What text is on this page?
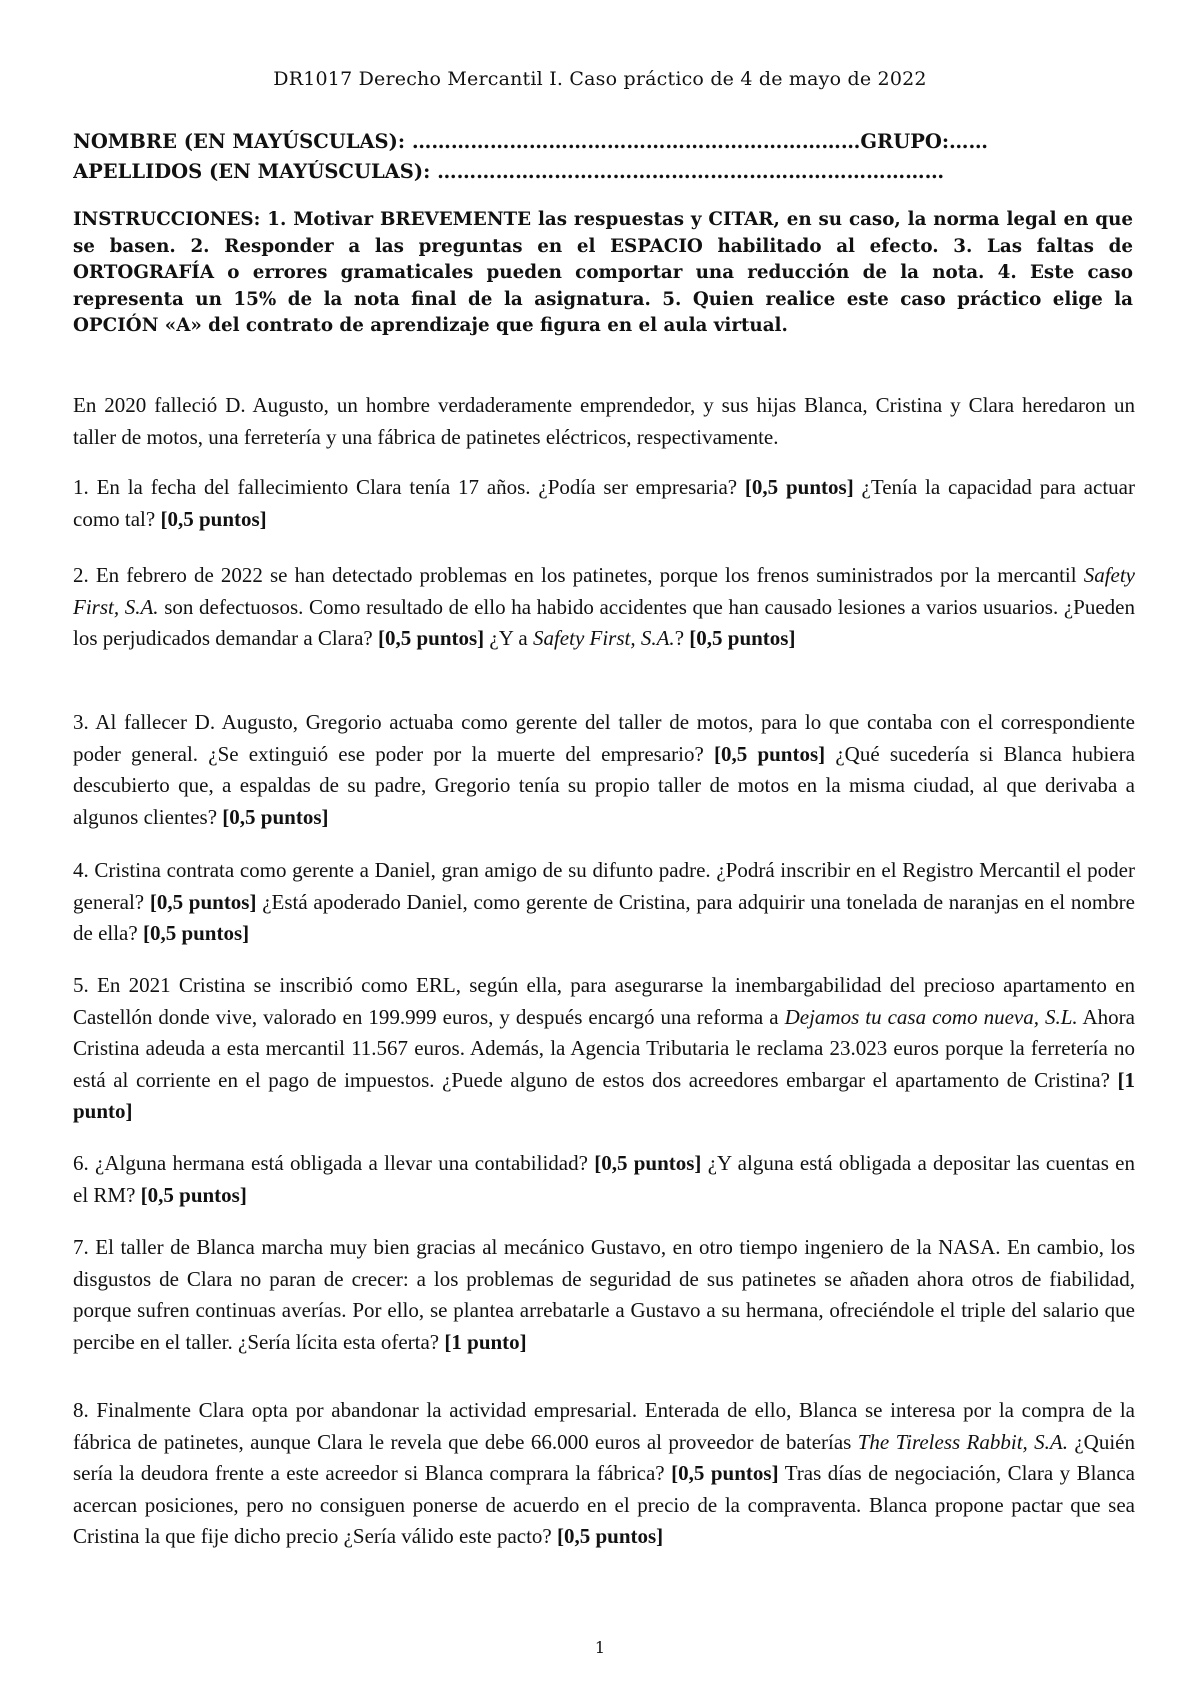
DR1017 Derecho Mercantil I. Caso práctico de 4 de mayo de 2022
NOMBRE (EN MAYÚSCULAS): ……………………………………………………………GRUPO:……
APELLIDOS (EN MAYÚSCULAS): ……………………………………………………………………
INSTRUCCIONES: 1. Motivar BREVEMENTE las respuestas y CITAR, en su caso, la norma legal en que se basen. 2. Responder a las preguntas en el ESPACIO habilitado al efecto. 3. Las faltas de ORTOGRAFÍA o errores gramaticales pueden comportar una reducción de la nota. 4. Este caso representa un 15% de la nota final de la asignatura. 5. Quien realice este caso práctico elige la OPCIÓN «A» del contrato de aprendizaje que figura en el aula virtual.

En 2020 falleció D. Augusto, un hombre verdaderamente emprendedor, y sus hijas Blanca, Cristina y Clara heredaron un taller de motos, una ferretería y una fábrica de patinetes eléctricos, respectivamente.

1. En la fecha del fallecimiento Clara tenía 17 años. ¿Podía ser empresaria? [0,5 puntos] ¿Tenía la capacidad para actuar como tal? [0,5 puntos]

2. En febrero de 2022 se han detectado problemas en los patinetes, porque los frenos suministrados por la mercantil Safety First, S.A. son defectuosos. Como resultado de ello ha habido accidentes que han causado lesiones a varios usuarios. ¿Pueden los perjudicados demandar a Clara? [0,5 puntos] ¿Y a Safety First, S.A.? [0,5 puntos]

3. Al fallecer D. Augusto, Gregorio actuaba como gerente del taller de motos, para lo que contaba con el correspondiente poder general. ¿Se extinguió ese poder por la muerte del empresario? [0,5 puntos] ¿Qué sucedería si Blanca hubiera descubierto que, a espaldas de su padre, Gregorio tenía su propio taller de motos en la misma ciudad, al que derivaba a algunos clientes? [0,5 puntos]

4. Cristina contrata como gerente a Daniel, gran amigo de su difunto padre. ¿Podrá inscribir en el Registro Mercantil el poder general? [0,5 puntos] ¿Está apoderado Daniel, como gerente de Cristina, para adquirir una tonelada de naranjas en el nombre de ella? [0,5 puntos]

5. En 2021 Cristina se inscribió como ERL, según ella, para asegurarse la inembargabilidad del precioso apartamento en Castellón donde vive, valorado en 199.999 euros, y después encargó una reforma a Dejamos tu casa como nueva, S.L. Ahora Cristina adeuda a esta mercantil 11.567 euros. Además, la Agencia Tributaria le reclama 23.023 euros porque la ferretería no está al corriente en el pago de impuestos. ¿Puede alguno de estos dos acreedores embargar el apartamento de Cristina? [1 punto]

6. ¿Alguna hermana está obligada a llevar una contabilidad? [0,5 puntos] ¿Y alguna está obligada a depositar las cuentas en el RM? [0,5 puntos]

7. El taller de Blanca marcha muy bien gracias al mecánico Gustavo, en otro tiempo ingeniero de la NASA. En cambio, los disgustos de Clara no paran de crecer: a los problemas de seguridad de sus patinetes se añaden ahora otros de fiabilidad, porque sufren continuas averías. Por ello, se plantea arrebatarle a Gustavo a su hermana, ofreciéndole el triple del salario que percibe en el taller. ¿Sería lícita esta oferta? [1 punto]

8. Finalmente Clara opta por abandonar la actividad empresarial. Enterada de ello, Blanca se interesa por la compra de la fábrica de patinetes, aunque Clara le revela que debe 66.000 euros al proveedor de baterías The Tireless Rabbit, S.A. ¿Quién sería la deudora frente a este acreedor si Blanca comprara la fábrica? [0,5 puntos] Tras días de negociación, Clara y Blanca acercan posiciones, pero no consiguen ponerse de acuerdo en el precio de la compraventa. Blanca propone pactar que sea Cristina la que fije dicho precio ¿Sería válido este pacto? [0,5 puntos]

1
